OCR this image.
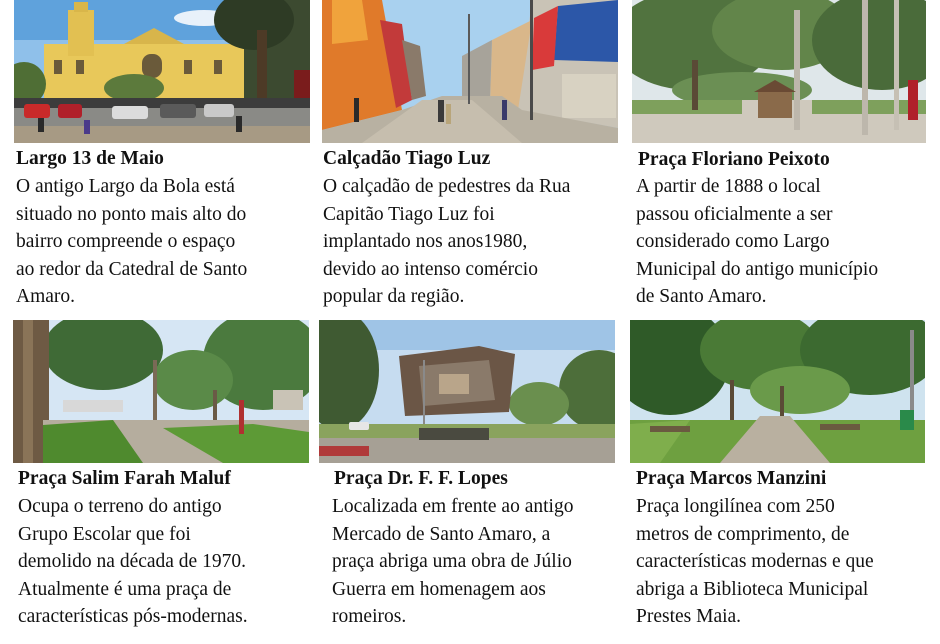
Largo 13 de Maio
O antigo Largo da Bola está
situado no ponto mais alto do
bairro compreende o espaço
ao redor da Catedral de Santo
Amaro.
Calçadão Tiago Luz
O calçadão de pedestres da Rua
Capitão Tiago Luz foi
implantado nos anos1980,
devido ao intenso comércio
popular da região.
Praça Floriano Peixoto
A partir de 1888 o local
passou oficialmente a ser
considerado como Largo
Municipal do antigo município
de Santo Amaro.
Praça Salim Farah Maluf
Ocupa o terreno do antigo
Grupo Escolar que foi
demolido na década de 1970.
Atualmente é uma praça de
características pós-modernas.
Praça Dr. F. F. Lopes
Localizada em frente ao antigo
Mercado de Santo Amaro, a
praça abriga uma obra de Júlio
Guerra em homenagem aos
romeiros.
Praça Marcos Manzini
Praça longilínea com 250
metros de comprimento, de
características modernas e que
abriga a Biblioteca Municipal
Prestes Maia.
